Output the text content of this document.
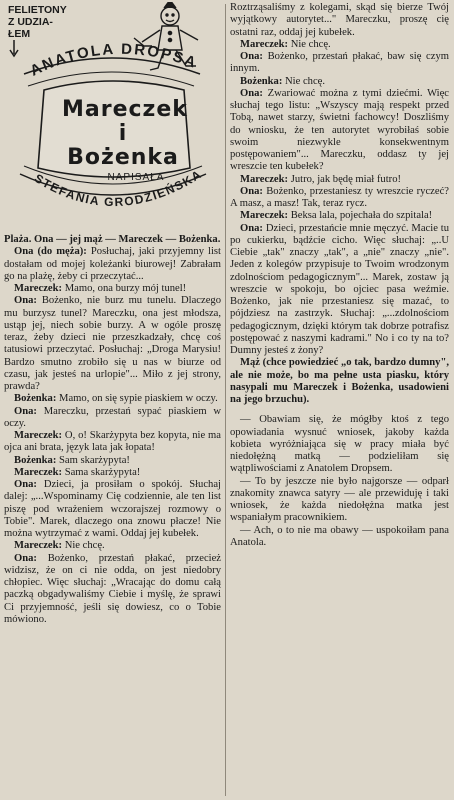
ANATOLA DROPSA
STEFANIA GRODZIEŃSKA
FELIETONY
Z UDZIA-
ŁEM
Mareczek
i
Bożenka
NAPISAŁA

Plaża. Ona — jej mąż — Mareczek — Bożenka.

Ona (do męża): Posłuchaj, jaki przyjemny list dostałam od mojej koleżanki biurowej! Zabrałam go na plażę, żeby ci przeczytać...

Mareczek: Mamo, ona burzy mój tunel!

Ona: Bożenko, nie burz mu tunelu. Dlaczego mu burzysz tunel? Mareczku, ona jest młodsza, ustąp jej, niech sobie burzy. A w ogóle proszę teraz, żeby dzieci nie przeszkadzały, chcę coś tatusiowi przeczytać. Posłuchaj: „Droga Marysiu! Bardzo smutno zrobiło się u nas w biurze od czasu, jak jesteś na urlopie"... Miło z jej strony, prawda?

Bożenka: Mamo, on się sypie piaskiem w oczy.

Ona: Mareczku, przestań sypać piaskiem w oczy.

Mareczek: O, o! Skarżypyta bez kopyta, nie ma ojca ani brata, język lata jak łopata!

Bożenka: Sam skarżypyta!

Mareczek: Sama skarżypyta!

Ona: Dzieci, ja prosiłam o spokój. Słuchaj dalej: „...Wspominamy Cię codziennie, ale ten list piszę pod wrażeniem wczorajszej rozmowy o Tobie". Marek, dlaczego ona znowu płacze! Nie można wytrzymać z wami. Oddaj jej kubełek.

Mareczek: Nie chcę.

Ona: Bożenko, przestań płakać, przecież widzisz, że on ci nie odda, on jest niedobry chłopiec. Więc słuchaj: „Wracając do domu całą paczką obgadywaliśmy Ciebie i myślę, że sprawi Ci przyjemność, jeśli się dowiesz, co o Tobie mówiono.

Roztrząsaliśmy z kolegami, skąd się bierze Twój wyjątkowy autorytet..." Mareczku, proszę cię ostatni raz, oddaj jej kubełek.

Mareczek: Nie chcę.

Ona: Bożenko, przestań płakać, baw się czym innym.

Bożenka: Nie chcę.

Ona: Zwariować można z tymi dziećmi. Więc słuchaj tego listu: „Wszyscy mają respekt przed Tobą, nawet starzy, świetni fachowcy! Doszliśmy do wniosku, że ten autorytet wyrobiłaś sobie swoim niezwykle konsekwentnym postępowaniem"... Mareczku, oddasz ty jej wreszcie ten kubełek?

Mareczek: Jutro, jak będę miał futro!

Ona: Bożenko, przestaniesz ty wreszcie ryczeć? A masz, a masz! Tak, teraz rycz.

Mareczek: Beksa lala, pojechała do szpitala!

Ona: Dzieci, przestańcie mnie męczyć. Macie tu po cukierku, bądźcie cicho. Więc słuchaj: „..U Ciebie „tak" znaczy „tak", a „nie" znaczy „nie". Jeden z kolegów przypisuje to Twoim wrodzonym zdolnościom pedagogicznym"... Marek, zostaw ją wreszcie w spokoju, bo ojciec pasa weźmie. Bożenko, jak nie przestaniesz się mazać, to pójdziesz na zastrzyk. Słuchaj: „...zdolnościom pedagogicznym, dzięki którym tak dobrze potrafisz postępować z naszymi kadrami." No i co ty na to? Dumny jesteś z żony?

Mąż (chce powiedzieć „o tak, bardzo dumny", ale nie może, bo ma pełne usta piasku, który nasypali mu Mareczek i Bożenka, usadowieni na jego brzuchu).

— Obawiam się, że mógłby ktoś z tego opowiadania wysnuć wniosek, jakoby każda kobieta wyróżniająca się w pracy miała być niedołężną matką — podzieliłam się wątpliwościami z Anatolem Dropsem.

— To by jeszcze nie było najgorsze — odparł znakomity znawca satyry — ale przewiduję i taki wniosek, że każda niedołężna matka jest wspaniałym pracownikiem.

— Ach, o to nie ma obawy — uspokoiłam pana Anatola.
